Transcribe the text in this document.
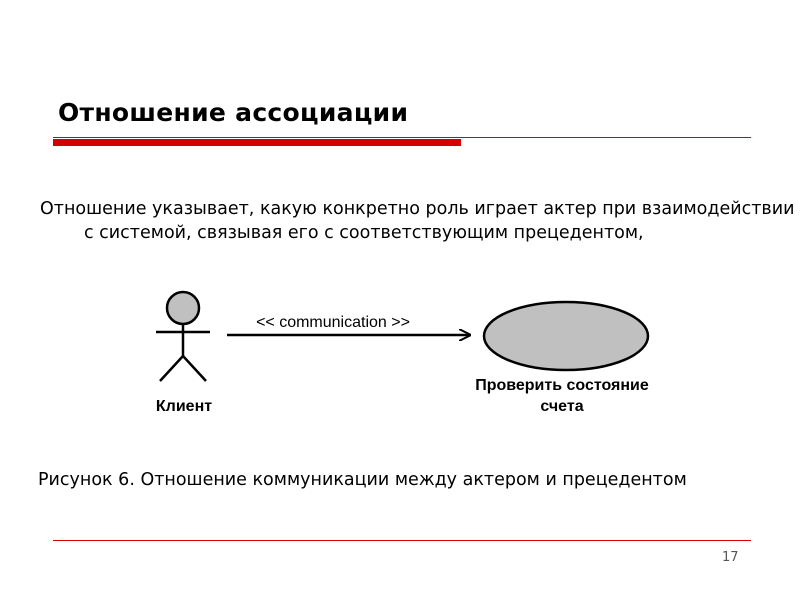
Отношение ассоциации

Отношение указывает, какую конкретно роль играет актер при взаимодействии с системой, связывая его с соответствующим прецедентом,

Клиент
<< communication >>
Проверить состояние
счета

Рисунок 6. Отношение коммуникации между актером и прецедентом

17
